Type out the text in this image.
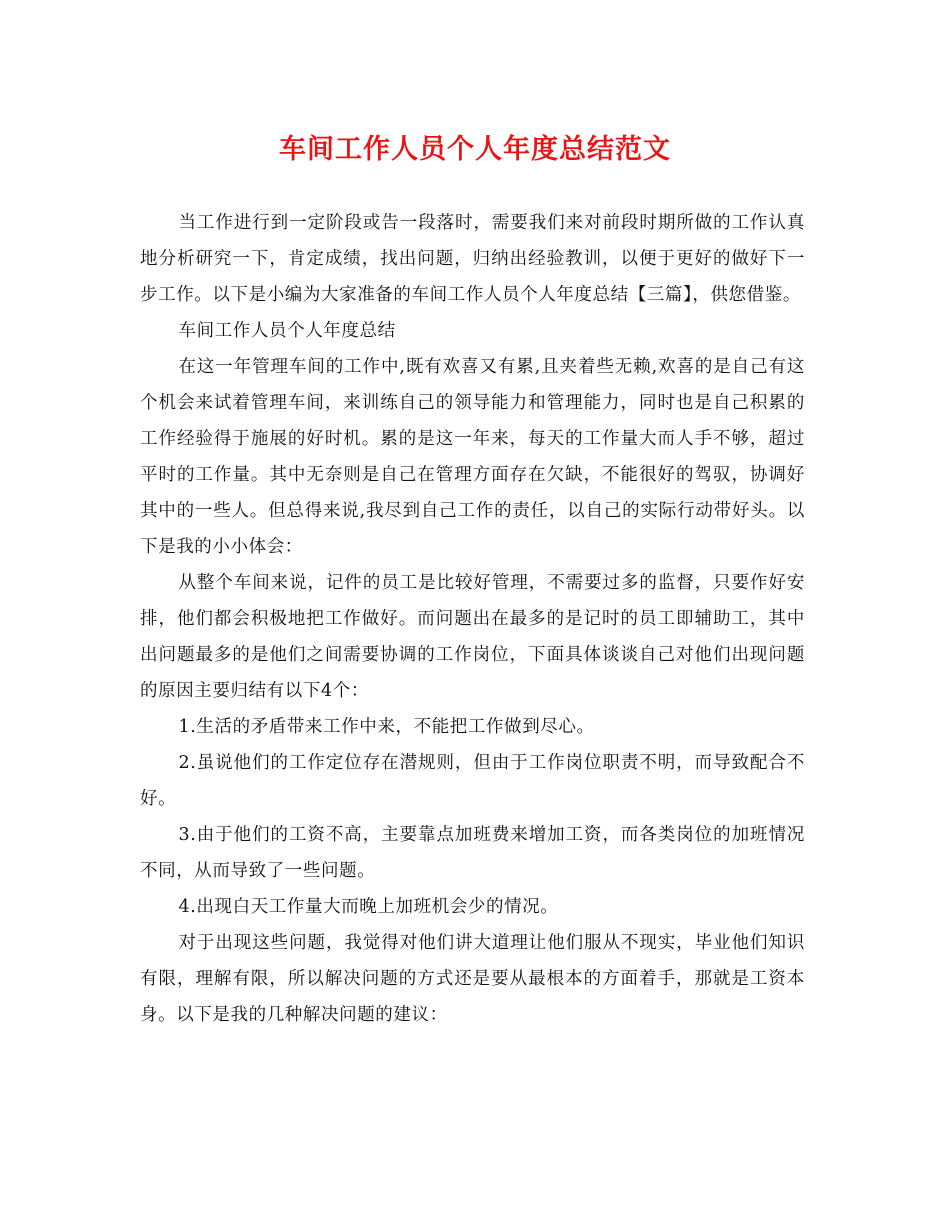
车间工作人员个人年度总结范文

当工作进行到一定阶段或告一段落时，需要我们来对前段时期所做的工作认真地分析研究一下，肯定成绩，找出问题，归纳出经验教训，以便于更好的做好下一步工作。以下是小编为大家准备的车间工作人员个人年度总结【三篇】，供您借鉴。

车间工作人员个人年度总结

在这一年管理车间的工作中,既有欢喜又有累,且夹着些无赖,欢喜的是自己有这个机会来试着管理车间，来训练自己的领导能力和管理能力，同时也是自己积累的工作经验得于施展的好时机。累的是这一年来，每天的工作量大而人手不够，超过平时的工作量。其中无奈则是自己在管理方面存在欠缺，不能很好的驾驭，协调好其中的一些人。但总得来说,我尽到自己工作的责任，以自己的实际行动带好头。以下是我的小小体会：

从整个车间来说，记件的员工是比较好管理，不需要过多的监督，只要作好安排，他们都会积极地把工作做好。而问题出在最多的是记时的员工即辅助工，其中出问题最多的是他们之间需要协调的工作岗位，下面具体谈谈自己对他们出现问题的原因主要归结有以下4个：

1.生活的矛盾带来工作中来，不能把工作做到尽心。

2.虽说他们的工作定位存在潜规则，但由于工作岗位职责不明，而导致配合不好。

3.由于他们的工资不高，主要靠点加班费来增加工资，而各类岗位的加班情况不同，从而导致了一些问题。

4.出现白天工作量大而晚上加班机会少的情况。

对于出现这些问题，我觉得对他们讲大道理让他们服从不现实，毕业他们知识有限，理解有限，所以解决问题的方式还是要从最根本的方面着手，那就是工资本身。以下是我的几种解决问题的建议：
